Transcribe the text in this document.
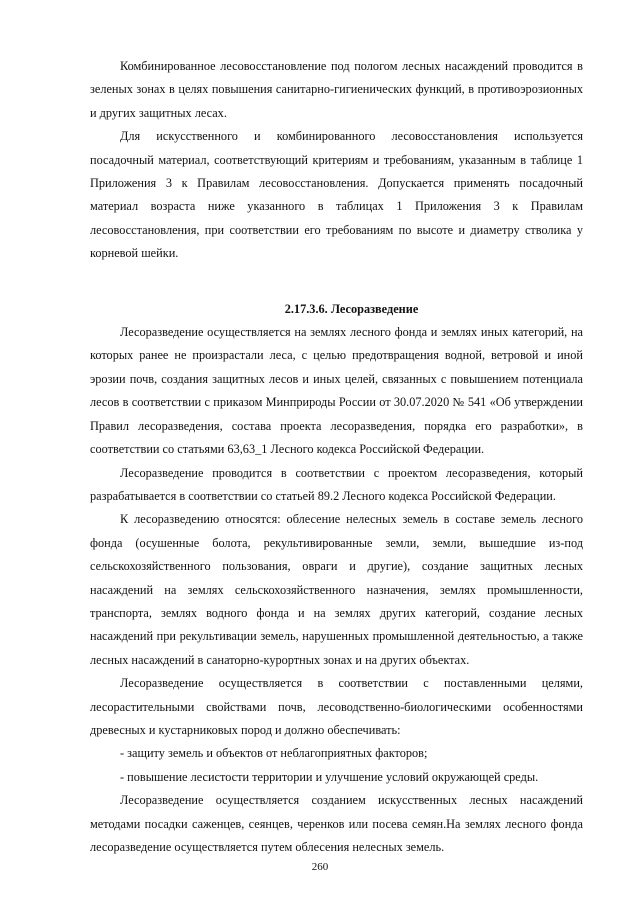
Комбинированное лесовосстановление под пологом лесных насаждений проводится в зеленых зонах в целях повышения санитарно-гигиенических функций, в противоэрозионных и других защитных лесах.

Для искусственного и комбинированного лесовосстановления используется посадочный материал, соответствующий критериям и требованиям, указанным в таблице 1 Приложения 3 к Правилам лесовосстановления. Допускается применять посадочный материал возраста ниже указанного в таблицах 1 Приложения 3 к Правилам лесовосстановления, при соответствии его требованиям по высоте и диаметру стволика у корневой шейки.

2.17.3.6. Лесоразведение

Лесоразведение осуществляется на землях лесного фонда и землях иных категорий, на которых ранее не произрастали леса, с целью предотвращения водной, ветровой и иной эрозии почв, создания защитных лесов и иных целей, связанных с повышением потенциала лесов в соответствии с приказом Минприроды России от 30.07.2020 № 541 «Об утверждении Правил лесоразведения, состава проекта лесоразведения, порядка его разработки», в соответствии со статьями 63,63_1 Лесного кодекса Российской Федерации.

Лесоразведение проводится в соответствии с проектом лесоразведения, который разрабатывается в соответствии со статьей 89.2 Лесного кодекса Российской Федерации.

К лесоразведению относятся: облесение нелесных земель в составе земель лесного фонда (осушенные болота, рекультивированные земли, земли, вышедшие из-под сельскохозяйственного пользования, овраги и другие), создание защитных лесных насаждений на землях сельскохозяйственного назначения, землях промышленности, транспорта, землях водного фонда и на землях других категорий, создание лесных насаждений при рекультивации земель, нарушенных промышленной деятельностью, а также лесных насаждений в санаторно-курортных зонах и на других объектах.

Лесоразведение осуществляется в соответствии с поставленными целями, лесорастительными свойствами почв, лесоводственно-биологическими особенностями древесных и кустарниковых пород и должно обеспечивать:

- защиту земель и объектов от неблагоприятных факторов;

- повышение лесистости территории и улучшение условий окружающей среды.

Лесоразведение осуществляется созданием искусственных лесных насаждений методами посадки саженцев, сеянцев, черенков или посева семян.На землях лесного фонда лесоразведение осуществляется путем облесения нелесных земель.

260
